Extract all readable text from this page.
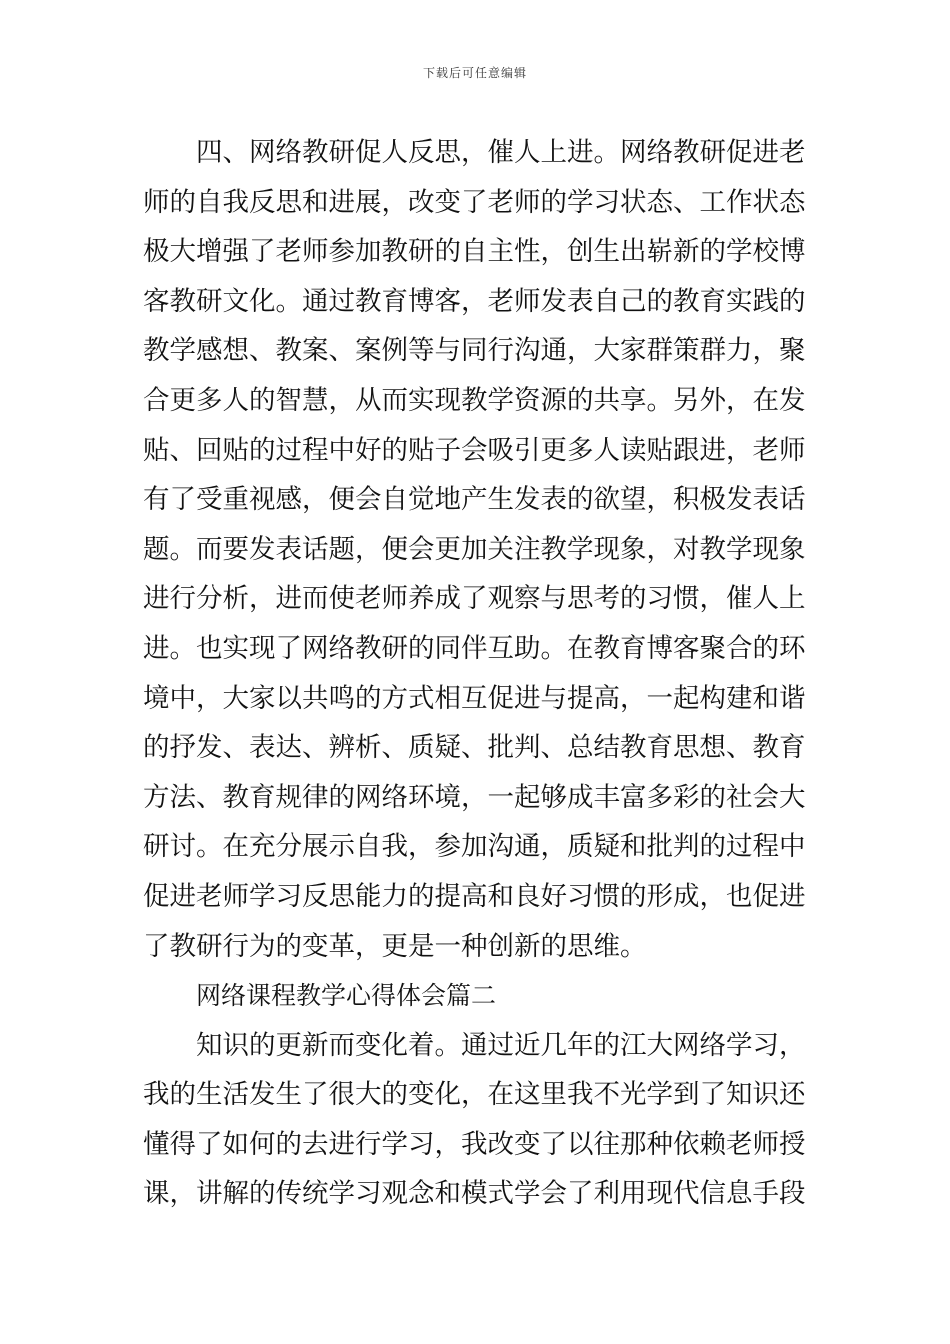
下载后可任意编辑
四、网络教研促人反思，催人上进。网络教研促进老
师的自我反思和进展，改变了老师的学习状态、工作状态
极大增强了老师参加教研的自主性，创生出崭新的学校博
客教研文化。通过教育博客，老师发表自己的教育实践的
教学感想、教案、案例等与同行沟通，大家群策群力，聚
合更多人的智慧，从而实现教学资源的共享。另外，在发
贴、回贴的过程中好的贴子会吸引更多人读贴跟进，老师
有了受重视感，便会自觉地产生发表的欲望，积极发表话
题。而要发表话题，便会更加关注教学现象，对教学现象
进行分析，进而使老师养成了观察与思考的习惯，催人上
进。也实现了网络教研的同伴互助。在教育博客聚合的环
境中，大家以共鸣的方式相互促进与提高，一起构建和谐
的抒发、表达、辨析、质疑、批判、总结教育思想、教育
方法、教育规律的网络环境，一起够成丰富多彩的社会大
研讨。在充分展示自我，参加沟通，质疑和批判的过程中
促进老师学习反思能力的提高和良好习惯的形成，也促进
了教研行为的变革，更是一种创新的思维。
网络课程教学心得体会篇二
知识的更新而变化着。通过近几年的江大网络学习，
我的生活发生了很大的变化，在这里我不光学到了知识还
懂得了如何的去进行学习，我改变了以往那种依赖老师授
课，讲解的传统学习观念和模式学会了利用现代信息手段
